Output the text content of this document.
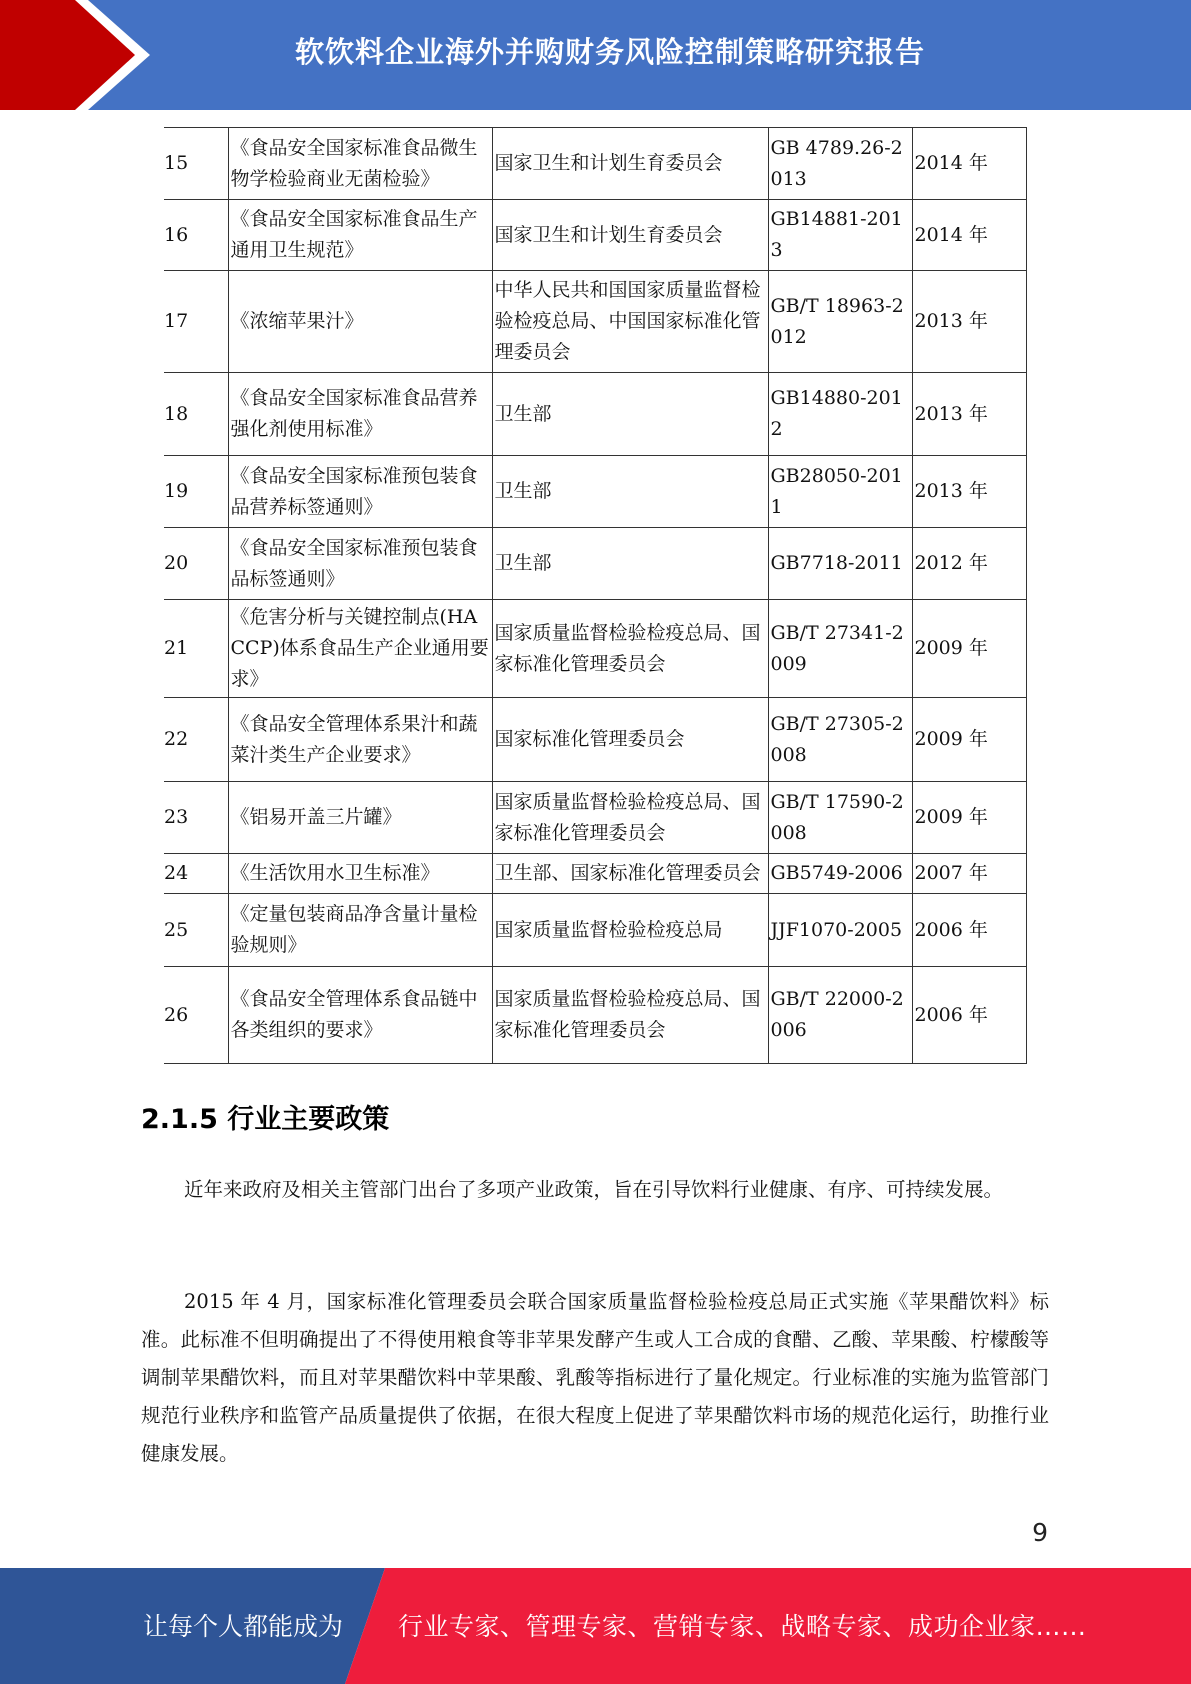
软饮料企业海外并购财务风险控制策略研究报告
15	《食品安全国家标准食品微生物学检验商业无菌检验》	国家卫生和计划生育委员会	GB 4789.26-2013	2014 年
16	《食品安全国家标准食品生产通用卫生规范》	国家卫生和计划生育委员会	GB14881-2013	2014 年
17	《浓缩苹果汁》	中华人民共和国国家质量监督检验检疫总局、中国国家标准化管理委员会	GB/T 18963-2012	2013 年
18	《食品安全国家标准食品营养强化剂使用标准》	卫生部	GB14880-2012	2013 年
19	《食品安全国家标准预包装食品营养标签通则》	卫生部	GB28050-2011	2013 年
20	《食品安全国家标准预包装食品标签通则》	卫生部	GB7718-2011	2012 年
21	《危害分析与关键控制点(HACCP)体系食品生产企业通用要求》	国家质量监督检验检疫总局、国家标准化管理委员会	GB/T 27341-2009	2009 年
22	《食品安全管理体系果汁和蔬菜汁类生产企业要求》	国家标准化管理委员会	GB/T 27305-2008	2009 年
23	《铝易开盖三片罐》	国家质量监督检验检疫总局、国家标准化管理委员会	GB/T 17590-2008	2009 年
24	《生活饮用水卫生标准》	卫生部、国家标准化管理委员会	GB5749-2006	2007 年
25	《定量包装商品净含量计量检验规则》	国家质量监督检验检疫总局	JJF1070-2005	2006 年
26	《食品安全管理体系食品链中各类组织的要求》	国家质量监督检验检疫总局、国家标准化管理委员会	GB/T 22000-2006	2006 年
2.1.5 行业主要政策

近年来政府及相关主管部门出台了多项产业政策，旨在引导饮料行业健康、有序、可持续发展。

2015 年 4 月，国家标准化管理委员会联合国家质量监督检验检疫总局正式实施《苹果醋饮料》标准。此标准不但明确提出了不得使用粮食等非苹果发酵产生或人工合成的食醋、乙酸、苹果酸、柠檬酸等调制苹果醋饮料，而且对苹果醋饮料中苹果酸、乳酸等指标进行了量化规定。行业标准的实施为监管部门规范行业秩序和监管产品质量提供了依据，在很大程度上促进了苹果醋饮料市场的规范化运行，助推行业健康发展。

9
让每个人都能成为 行业专家、管理专家、营销专家、战略专家、成功企业家……
